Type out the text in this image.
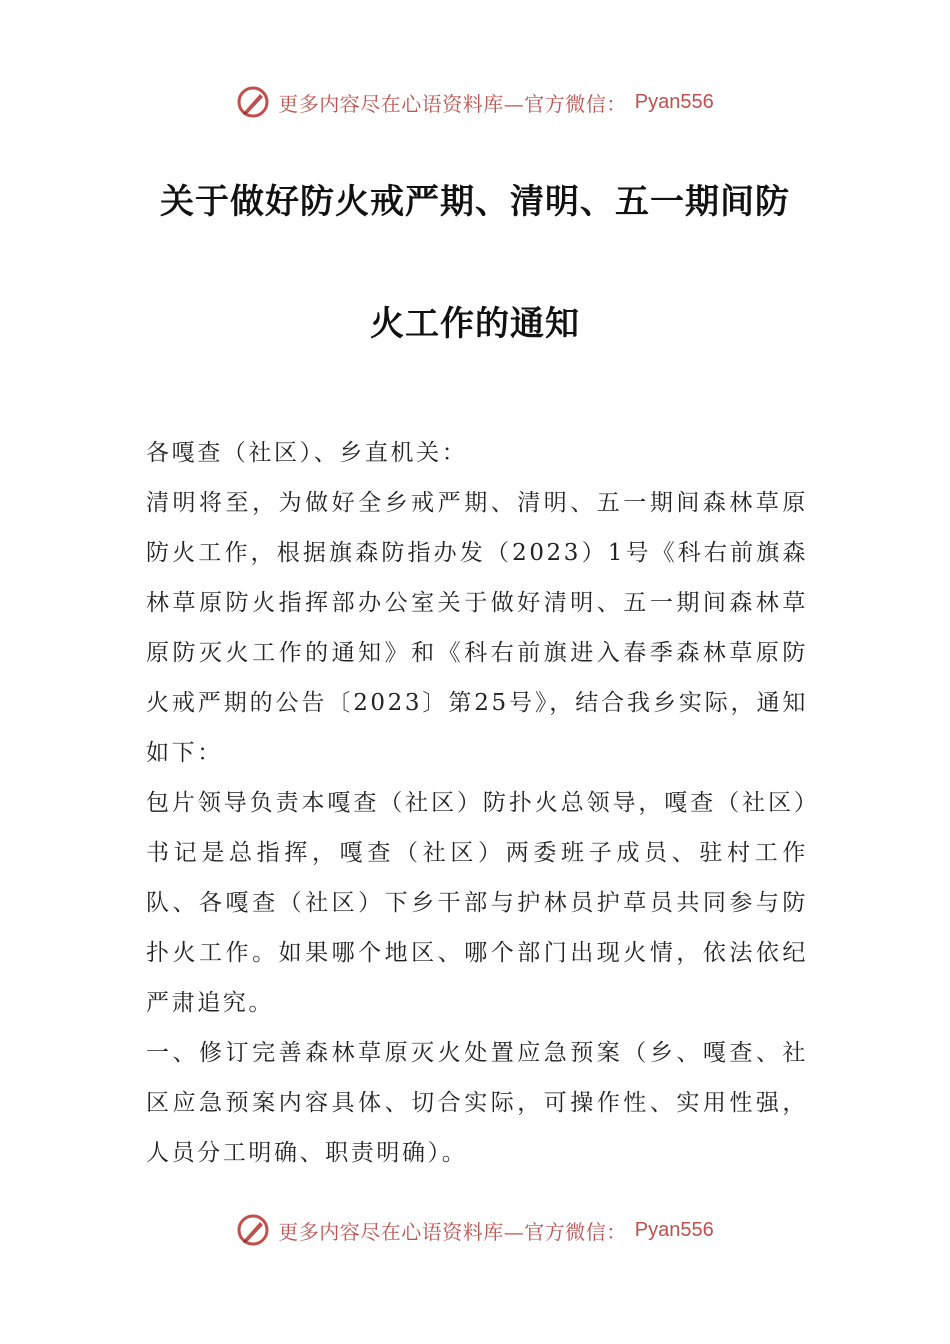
更多内容尽在心语资料库—官方微信： Pyan556
关于做好防火戒严期、清明、五一期间防
火工作的通知

各嘎查（社区）、乡直机关：

清明将至，为做好全乡戒严期、清明、五一期间森林草原防火工作，根据旗森防指办发（2023）1号《科右前旗森林草原防火指挥部办公室关于做好清明、五一期间森林草原防灭火工作的通知》和《科右前旗进入春季森林草原防火戒严期的公告〔2023〕第25号》，结合我乡实际，通知如下：

包片领导负责本嘎查（社区）防扑火总领导，嘎查（社区）书记是总指挥，嘎查（社区）两委班子成员、驻村工作队、各嘎查（社区）下乡干部与护林员护草员共同参与防扑火工作。如果哪个地区、哪个部门出现火情，依法依纪严肃追究。

一、修订完善森林草原灭火处置应急预案（乡、嘎查、社区应急预案内容具体、切合实际，可操作性、实用性强，人员分工明确、职责明确）。

更多内容尽在心语资料库—官方微信： Pyan556
